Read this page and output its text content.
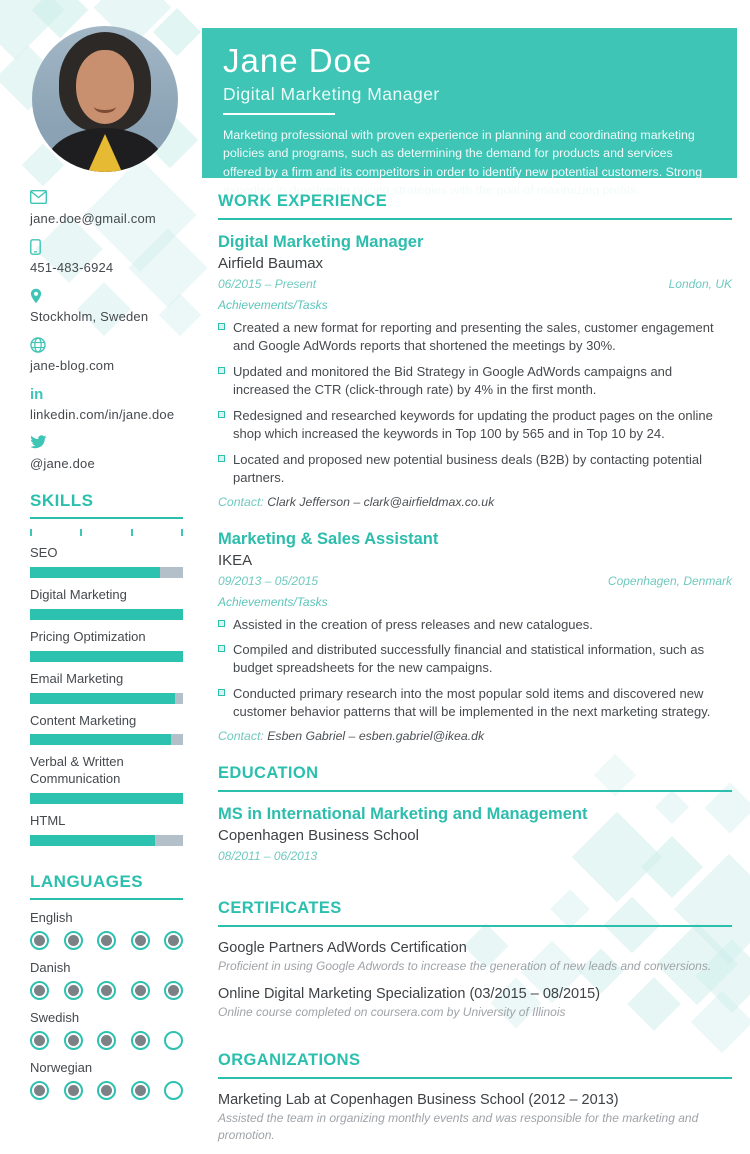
Jane Doe
Digital Marketing Manager
Marketing professional with proven experience in planning and coordinating marketing policies and programs, such as determining the demand for products and services offered by a firm and its competitors in order to identify new potential customers. Strong expertise in developing pricing strategies with the goal of maximizing profits.
jane.doe@gmail.com
451-483-6924
Stockholm, Sweden
jane-blog.com
in
linkedin.com/in/jane.doe
@jane.doe
SKILLS
SEO
Digital Marketing
Pricing Optimization
Email Marketing
Content Marketing
Verbal & Written Communication
HTML
LANGUAGES
English
Danish
Swedish
Norwegian
WORK EXPERIENCE
Digital Marketing Manager
Airfield Baumax
06/2015 – Present	London, UK
Achievements/Tasks
Created a new format for reporting and presenting the sales, customer engagement and Google AdWords reports that shortened the meetings by 30%.
Updated and monitored the Bid Strategy in Google AdWords campaigns and increased the CTR (click-through rate) by 4% in the first month.
Redesigned and researched keywords for updating the product pages on the online shop which increased the keywords in Top 100 by 565 and in Top 10 by 24.
Located and proposed new potential business deals (B2B) by contacting potential partners.
Contact: Clark Jefferson – clark@airfieldmax.co.uk
Marketing & Sales Assistant
IKEA
09/2013 – 05/2015	Copenhagen, Denmark
Achievements/Tasks
Assisted in the creation of press releases and new catalogues.
Compiled and distributed successfully financial and statistical information, such as budget spreadsheets for the new campaigns.
Conducted primary research into the most popular sold items and discovered new customer behavior patterns that will be implemented in the next marketing strategy.
Contact: Esben Gabriel – esben.gabriel@ikea.dk
EDUCATION
MS in International Marketing and Management
Copenhagen Business School
08/2011 – 06/2013
CERTIFICATES
Google Partners AdWords Certification
Proficient in using Google Adwords to increase the generation of new leads and conversions.
Online Digital Marketing Specialization (03/2015 – 08/2015)
Online course completed on coursera.com by University of Illinois
ORGANIZATIONS
Marketing Lab at Copenhagen Business School (2012 – 2013)
Assisted the team in organizing monthly events and was responsible for the marketing and promotion.
